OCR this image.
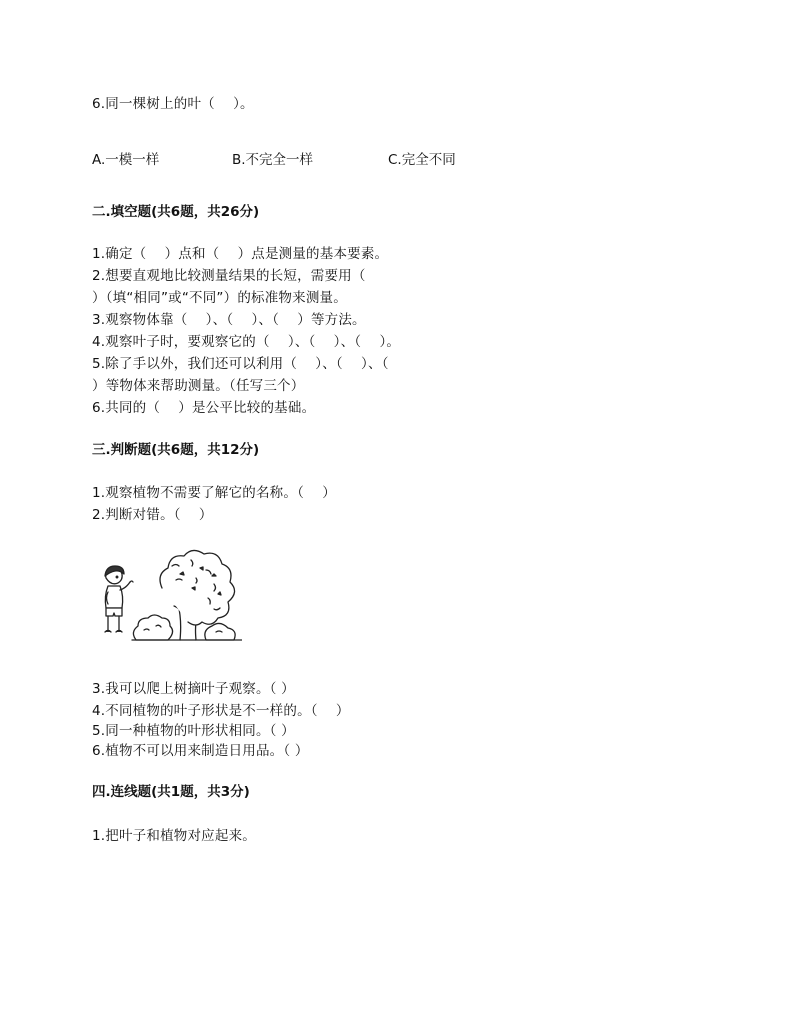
6.同一棵树上的叶（　 ）。
A.一模一样	B.不完全一样	C.完全不同
二.填空题(共6题，共26分)
1.确定（　 ）点和（　 ）点是测量的基本要素。
2.想要直观地比较测量结果的长短，需要用（
）（填“相同”或“不同”）的标准物来测量。
3.观察物体靠（　 ）、（　 ）、（　 ）等方法。
4.观察叶子时，要观察它的（　 ）、（　 ）、（　 ）。
5.除了手以外，我们还可以利用（　 ）、（　 ）、（
）等物体来帮助测量。（任写三个）
6.共同的（　 ）是公平比较的基础。
三.判断题(共6题，共12分)
1.观察植物不需要了解它的名称。（　 ）
2.判断对错。（　 ）
3.我可以爬上树摘叶子观察。（ ）
4.不同植物的叶子形状是不一样的。（　 ）
5.同一种植物的叶形状相同。（ ）
6.植物不可以用来制造日用品。（ ）
四.连线题(共1题，共3分)
1.把叶子和植物对应起来。
